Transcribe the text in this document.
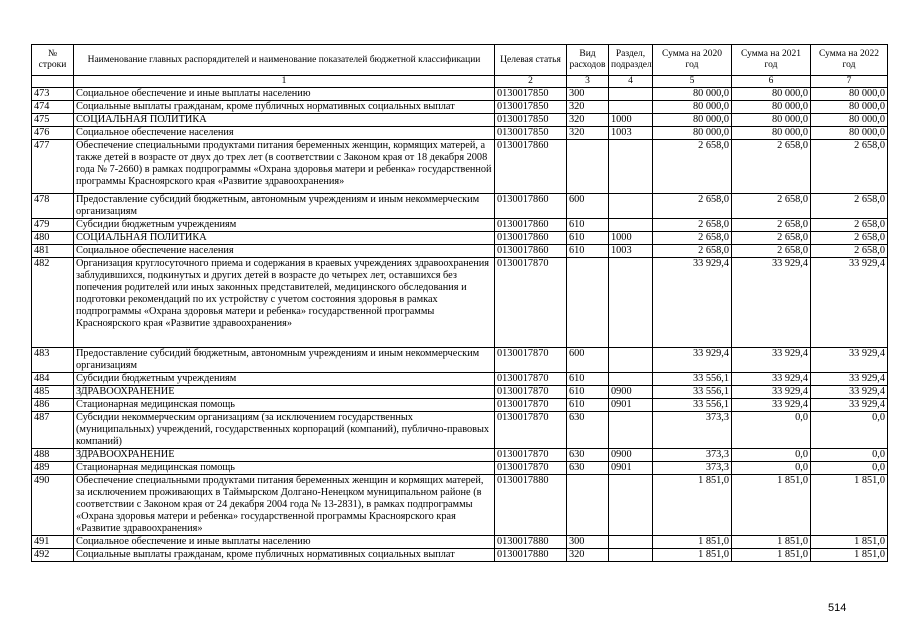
№ строки	Наименование главных распорядителей и наименование показателей бюджетной классификации	Целевая статья	Вид расходов	Раздел, подраздел	Сумма на 2020 год	Сумма на 2021 год	Сумма на 2022 год
	1	2	3	4	5	6	7
473	Социальное обеспечение и иные выплаты населению	0130017850	300		80 000,0	80 000,0	80 000,0
474	Социальные выплаты гражданам, кроме публичных нормативных социальных выплат	0130017850	320		80 000,0	80 000,0	80 000,0
475	СОЦИАЛЬНАЯ ПОЛИТИКА	0130017850	320	1000	80 000,0	80 000,0	80 000,0
476	Социальное обеспечение населения	0130017850	320	1003	80 000,0	80 000,0	80 000,0
477	Обеспечение специальными продуктами питания беременных женщин, кормящих матерей, а также детей в возрасте от двух до трех лет (в соответствии с Законом края от 18 декабря 2008 года № 7-2660) в рамках подпрограммы «Охрана здоровья матери и ребенка» государственной программы Красноярского края «Развитие здравоохранения»	0130017860			2 658,0	2 658,0	2 658,0
478	Предоставление субсидий бюджетным, автономным учреждениям и иным некоммерческим организациям	0130017860	600		2 658,0	2 658,0	2 658,0
479	Субсидии бюджетным учреждениям	0130017860	610		2 658,0	2 658,0	2 658,0
480	СОЦИАЛЬНАЯ ПОЛИТИКА	0130017860	610	1000	2 658,0	2 658,0	2 658,0
481	Социальное обеспечение населения	0130017860	610	1003	2 658,0	2 658,0	2 658,0
482	Организация круглосуточного приема и содержания в краевых учреждениях здравоохранения заблудившихся, подкинутых и других детей в возрасте до четырех лет, оставшихся без попечения родителей или иных законных представителей, медицинского обследования и подготовки рекомендаций по их устройству с учетом состояния здоровья в рамках подпрограммы «Охрана здоровья матери и ребенка» государственной программы Красноярского края «Развитие здравоохранения»	0130017870			33 929,4	33 929,4	33 929,4
483	Предоставление субсидий бюджетным, автономным учреждениям и иным некоммерческим организациям	0130017870	600		33 929,4	33 929,4	33 929,4
484	Субсидии бюджетным учреждениям	0130017870	610		33 556,1	33 929,4	33 929,4
485	ЗДРАВООХРАНЕНИЕ	0130017870	610	0900	33 556,1	33 929,4	33 929,4
486	Стационарная медицинская помощь	0130017870	610	0901	33 556,1	33 929,4	33 929,4
487	Субсидии некоммерческим организациям (за исключением государственных (муниципальных) учреждений, государственных корпораций (компаний), публично-правовых компаний)	0130017870	630		373,3	0,0	0,0
488	ЗДРАВООХРАНЕНИЕ	0130017870	630	0900	373,3	0,0	0,0
489	Стационарная медицинская помощь	0130017870	630	0901	373,3	0,0	0,0
490	Обеспечение специальными продуктами питания беременных женщин и кормящих матерей, за исключением проживающих в Таймырском Долгано-Ненецком муниципальном районе (в соответствии с Законом края от 24 декабря 2004 года № 13-2831), в рамках подпрограммы «Охрана здоровья матери и ребенка» государственной программы Красноярского края «Развитие здравоохранения»	0130017880			1 851,0	1 851,0	1 851,0
491	Социальное обеспечение и иные выплаты населению	0130017880	300		1 851,0	1 851,0	1 851,0
492	Социальные выплаты гражданам, кроме публичных нормативных социальных выплат	0130017880	320		1 851,0	1 851,0	1 851,0
514
